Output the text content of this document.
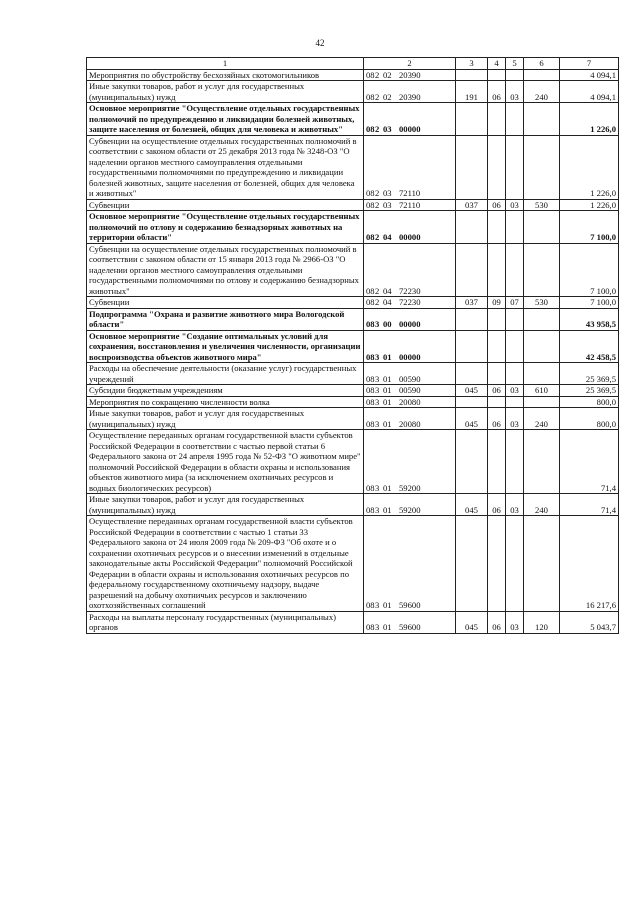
42
1	2	3	4	5	6	7
Мероприятия по обустройству бесхозяйных скотомогильников	082 02 20390					4 094,1
Иные закупки товаров, работ и услуг для государственных (муниципальных) нужд	082 02 20390	191	06	03	240	4 094,1
Основное мероприятие "Осуществление отдельных государственных полномочий по предупреждению и ликвидации болезней животных, защите населения от болезней, общих для человека и животных"	082 03 00000					1 226,0
Субвенции на осуществление отдельных государственных полномочий в соответствии с законом области от 25 декабря 2013 года № 3248-ОЗ "О наделении органов местного самоуправления отдельными государственными полномочиями по предупреждению и ликвидации болезней животных, защите населения от болезней, общих для человека и животных"	082 03 72110					1 226,0
Субвенции	082 03 72110	037	06	03	530	1 226,0
Основное мероприятие "Осуществление отдельных государственных полномочий по отлову и содержанию безнадзорных животных на территории области"	082 04 00000					7 100,0
Субвенции на осуществление отдельных государственных полномочий в соответствии с законом области от 15 января 2013 года № 2966-ОЗ "О наделении органов местного самоуправления отдельными государственными полномочиями по отлову и содержанию безнадзорных животных"	082 04 72230					7 100,0
Субвенции	082 04 72230	037	09	07	530	7 100,0
Подпрограмма "Охрана и развитие животного мира Вологодской области"	083 00 00000					43 958,5
Основное мероприятие "Создание оптимальных условий для сохранения, восстановления и увеличения численности, организации воспроизводства объектов животного мира"	083 01 00000					42 458,5
Расходы на обеспечение деятельности (оказание услуг) государственных учреждений	083 01 00590					25 369,5
Субсидии бюджетным учреждениям	083 01 00590	045	06	03	610	25 369,5
Мероприятия по сокращению численности волка	083 01 20080					800,0
Иные закупки товаров, работ и услуг для государственных (муниципальных) нужд	083 01 20080	045	06	03	240	800,0
Осуществление переданных органам государственной власти субъектов Российской Федерации в соответствии с частью первой статьи 6 Федерального закона от 24 апреля 1995 года № 52-ФЗ "О животном мире" полномочий Российской Федерации в области охраны и использования объектов животного мира (за исключением охотничьих ресурсов и водных биологических ресурсов)	083 01 59200					71,4
Иные закупки товаров, работ и услуг для государственных (муниципальных) нужд	083 01 59200	045	06	03	240	71,4
Осуществление переданных органам государственной власти субъектов Российской Федерации в соответствии с частью 1 статьи 33 Федерального закона от 24 июля 2009 года № 209-ФЗ "Об охоте и о сохранении охотничьих ресурсов и о внесении изменений в отдельные законодательные акты Российской Федерации" полномочий Российской Федерации в области охраны и использования охотничьих ресурсов по федеральному государственному охотничьему надзору, выдаче разрешений на добычу охотничьих ресурсов и заключению охотхозяйственных соглашений	083 01 59600					16 217,6
Расходы на выплаты персоналу государственных (муниципальных) органов	083 01 59600	045	06	03	120	5 043,7
